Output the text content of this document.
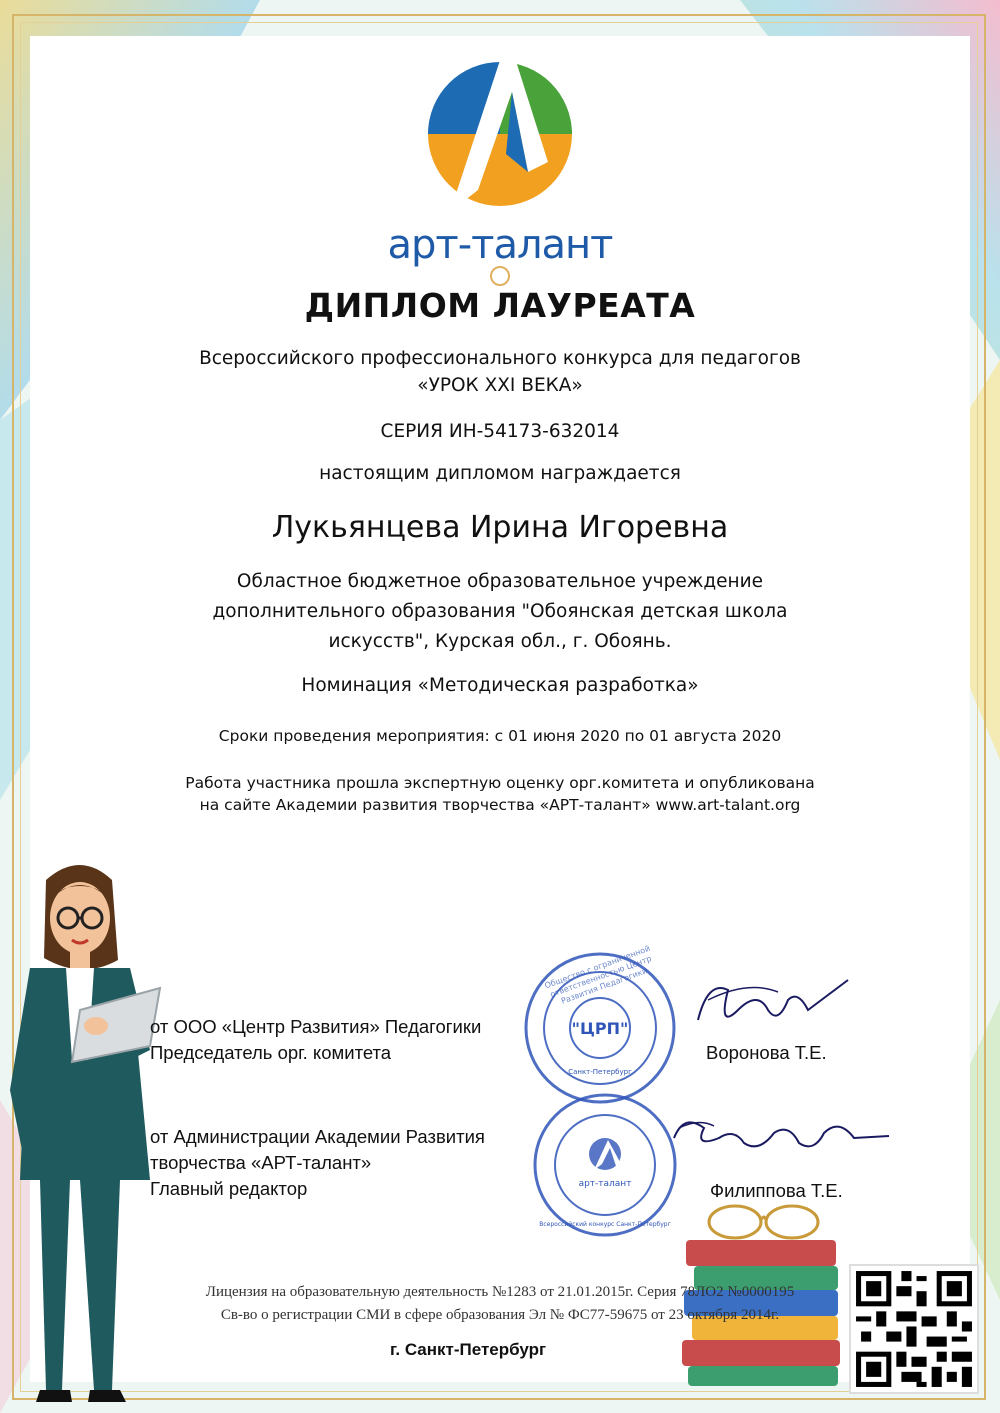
арт-талант
ДИПЛОМ ЛАУРЕАТА
Всероссийского профессионального конкурса для педагогов
«УРОК XXI ВЕКА»
СЕРИЯ ИН-54173-632014
настоящим дипломом награждается
Лукьянцева Ирина Игоревна
Областное бюджетное образовательное учреждение
дополнительного образования "Обоянская детская школа
искусств", Курская обл., г. Обоянь.
Номинация «Методическая разработка»
Сроки проведения мероприятия: с 01 июня 2020 по 01 августа 2020
Работа участника прошла экспертную оценку орг.комитета и опубликована
на сайте Академии развития творчества «АРТ-талант» www.art-talant.org
от ООО «Центр Развития» Педагогики
Председатель орг. комитета	Воронова Т.Е.
от Администрации Академии Развития
творчества «АРТ-талант»
Главный редактор	Филиппова Т.Е.
"ЦРП"
Санкт-Петербург
Общество с ограниченной ответственностью Центр Развития Педагогики
арт-талант
Всероссийский конкурс Санкт-Петербург
Лицензия на образовательную деятельность №1283 от 21.01.2015г. Серия 78ЛО2 №0000195
Св-во о регистрации СМИ в сфере образования Эл № ФС77-59675 от 23 октября 2014г.
г. Санкт-Петербург
